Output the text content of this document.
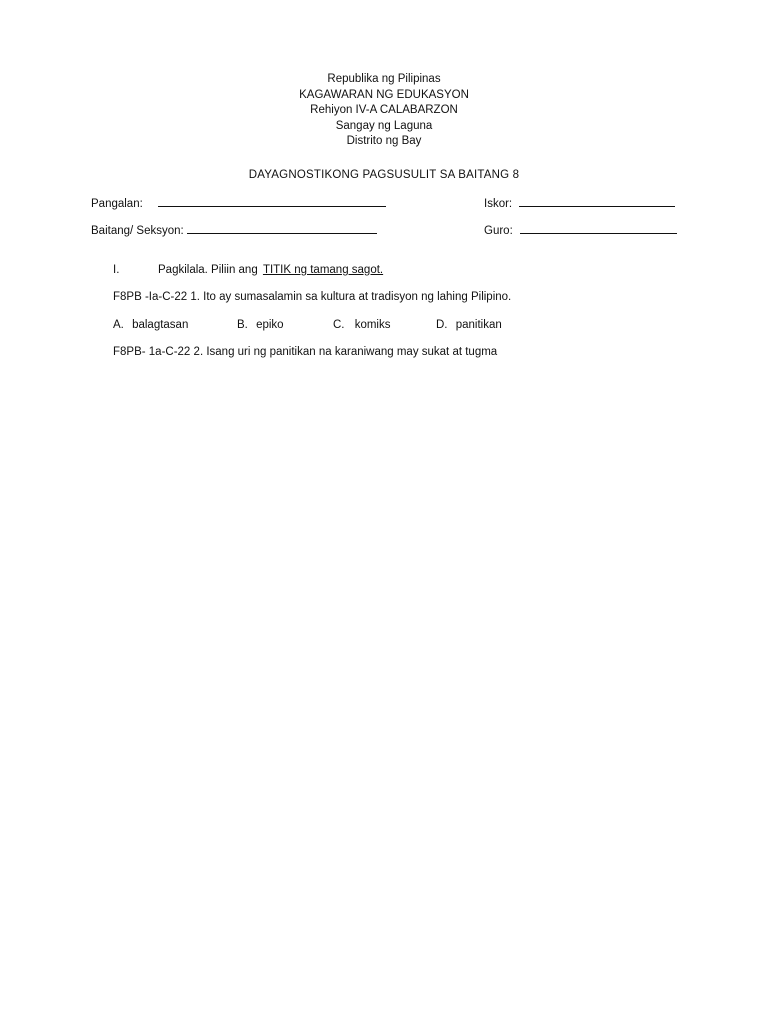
Republika ng Pilipinas
KAGAWARAN NG EDUKASYON
Rehiyon IV-A CALABARZON
Sangay ng Laguna
Distrito ng Bay
DAYAGNOSTIKONG PAGSUSULIT SA BAITANG 8
Pangalan:	Iskor:
Baitang/ Seksyon:	Guro:
I.	Pagkilala. Piliin ang TITIK ng tamang sagot.
F8PB -Ia-C-22 1. Ito ay sumasalamin sa kultura at tradisyon ng lahing Pilipino.
A. balagtasan	B. epiko	C. komiks	D. panitikan
F8PB- 1a-C-22 2. Isang uri ng panitikan na karaniwang may sukat at tugma
